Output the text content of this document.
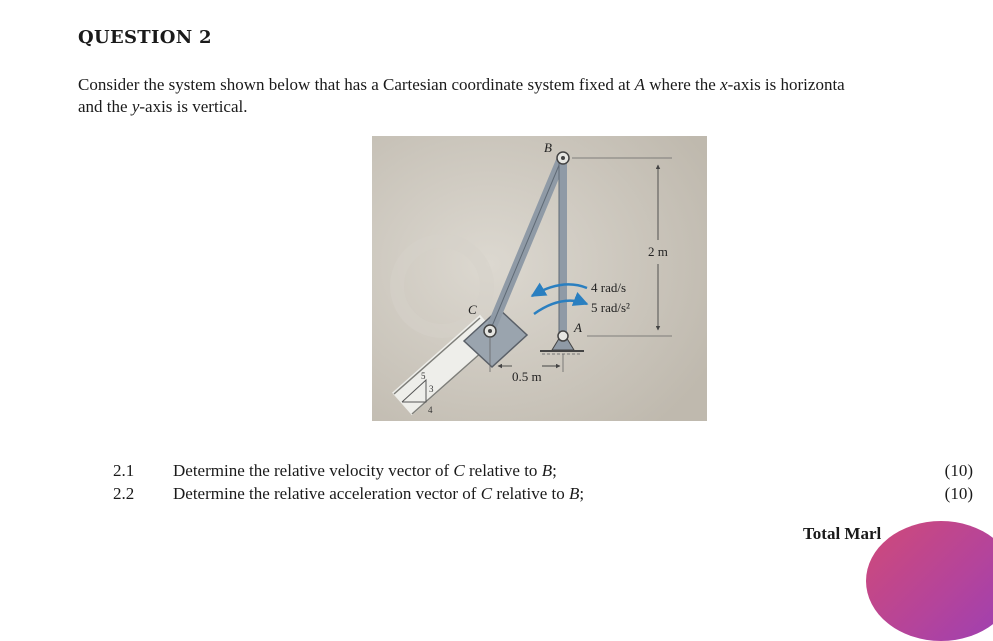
QUESTION 2
Consider the system shown below that has a Cartesian coordinate system fixed at A where the x-axis is horizonta
and the y-axis is vertical.
5
3
4
B
C
A
4 rad/s
5 rad/s²
2 m
0.5 m
2.1 Determine the relative velocity vector of C relative to B;	(10)
2.2 Determine the relative acceleration vector of C relative to B;	(10)
Total Marl
